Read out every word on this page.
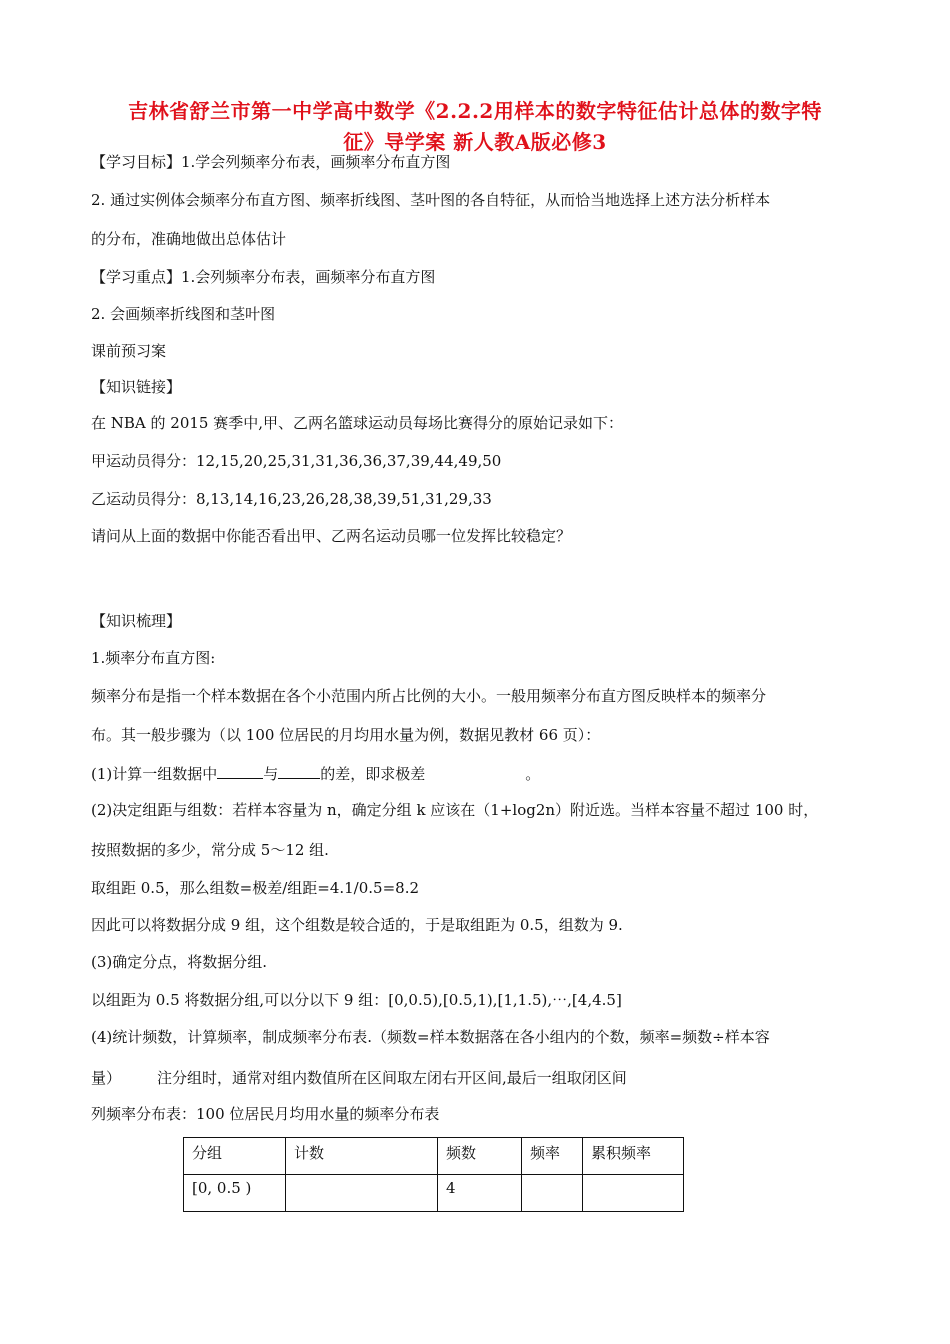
吉林省舒兰市第一中学高中数学《2.2.2用样本的数字特征估计总体的数字特
征》导学案 新人教A版必修3
【学习目标】1.学会列频率分布表，画频率分布直方图
2. 通过实例体会频率分布直方图、频率折线图、茎叶图的各自特征，从而恰当地选择上述方法分析样本
的分布，准确地做出总体估计
【学习重点】1.会列频率分布表，画频率分布直方图
2. 会画频率折线图和茎叶图
课前预习案
【知识链接】
在 NBA 的 2015 赛季中,甲、乙两名篮球运动员每场比赛得分的原始记录如下：
甲运动员得分：12,15,20,25,31,31,36,36,37,39,44,49,50
乙运动员得分：8,13,14,16,23,26,28,38,39,51,31,29,33
请问从上面的数据中你能否看出甲、乙两名运动员哪一位发挥比较稳定？
【知识梳理】
1.频率分布直方图:
频率分布是指一个样本数据在各个小范围内所占比例的大小。一般用频率分布直方图反映样本的频率分
布。其一般步骤为（以 100 位居民的月均用水量为例，数据见教材 66 页）：
(1)计算一组数据中	与	的差，即求极差	。
(2)决定组距与组数：若样本容量为 n，确定分组 k 应该在（1+log2n）附近选。当样本容量不超过 100 时，
按照数据的多少，常分成 5～12 组.
取组距 0.5，那么组数=极差/组距=4.1/0.5=8.2
因此可以将数据分成 9 组，这个组数是较合适的，于是取组距为 0.5，组数为 9.
(3)确定分点，将数据分组.
以组距为 0.5 将数据分组,可以分以下 9 组：[0,0.5),[0.5,1),[1,1.5),⋯,[4,4.5]
(4)统计频数，计算频率，制成频率分布表.（频数=样本数据落在各小组内的个数，频率=频数÷样本容
量） 注分组时，通常对组内数值所在区间取左闭右开区间,最后一组取闭区间
列频率分布表：100 位居民月均用水量的频率分布表
分组	计数	频数	频率	累积频率
[0, 0.5 )		4		
